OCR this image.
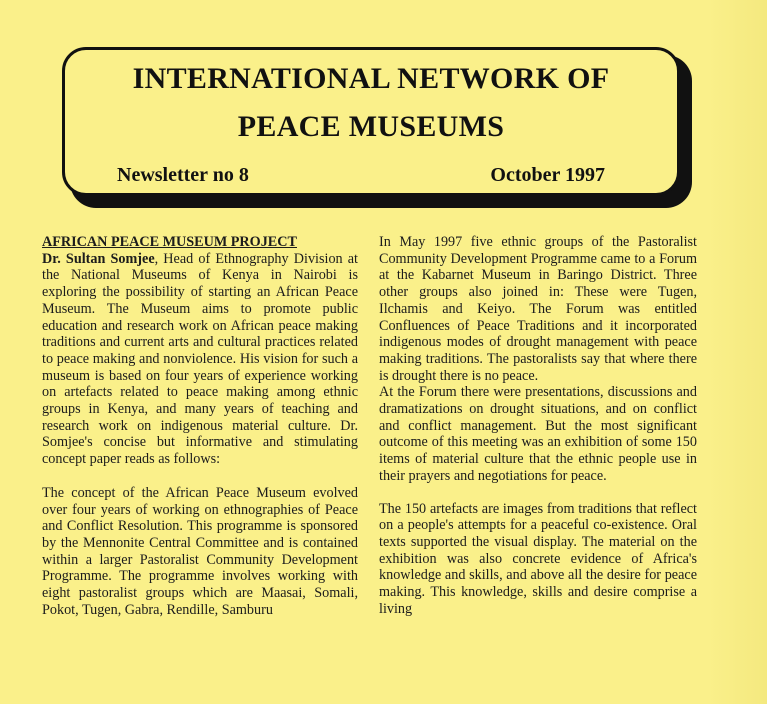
INTERNATIONAL NETWORK OF
PEACE MUSEUMS
Newsletter no 8	October 1997

AFRICAN PEACE MUSEUM PROJECT

Dr. Sultan Somjee, Head of Ethnography Division at the National Museums of Kenya in Nairobi is exploring the possibility of starting an African Peace Museum. The Museum aims to promote public education and research work on African peace making traditions and current arts and cultural practices related to peace making and nonviolence. His vision for such a museum is based on four years of experience working on artefacts related to peace making among ethnic groups in Kenya, and many years of teaching and research work on indigenous material culture. Dr. Somjee's concise but informative and stimulating concept paper reads as follows:

The concept of the African Peace Museum evolved over four years of working on ethnographies of Peace and Conflict Resolution. This programme is sponsored by the Mennonite Central Committee and is contained within a larger Pastoralist Community Development Programme. The programme involves working with eight pastoralist groups which are Maasai, Somali, Pokot, Tugen, Gabra, Rendille, Samburu

In May 1997 five ethnic groups of the Pastoralist Community Development Programme came to a Forum at the Kabarnet Museum in Baringo District. Three other groups also joined in: These were Tugen, Ilchamis and Keiyo. The Forum was entitled Confluences of Peace Traditions and it incorporated indigenous modes of drought management with peace making traditions. The pastoralists say that where there is drought there is no peace.

At the Forum there were presentations, discussions and dramatizations on drought situations, and on conflict and conflict management. But the most significant outcome of this meeting was an exhibition of some 150 items of material culture that the ethnic people use in their prayers and negotiations for peace.

The 150 artefacts are images from traditions that reflect on a people's attempts for a peaceful co-existence. Oral texts supported the visual display. The material on the exhibition was also concrete evidence of Africa's knowledge and skills, and above all the desire for peace making. This knowledge, skills and desire comprise a living
